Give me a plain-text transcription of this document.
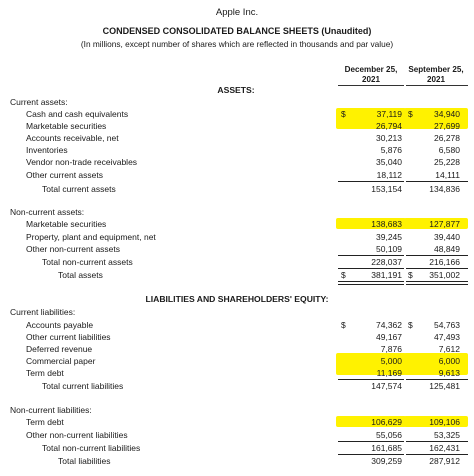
Apple Inc.
CONDENSED CONSOLIDATED BALANCE SHEETS (Unaudited)
(In millions, except number of shares which are reflected in thousands and par value)
December 25,
2021
September 25,
2021
ASSETS:
Current assets:
Cash and cash equivalents	$	37,119 $	34,940
Marketable securities	26,794	27,699
Accounts receivable, net	30,213	26,278
Inventories	5,876	6,580
Vendor non-trade receivables	35,040	25,228
Other current assets	18,112	14,111
Total current assets	153,154	134,836
Non-current assets:
Marketable securities	138,683	127,877
Property, plant and equipment, net	39,245	39,440
Other non-current assets	50,109	48,849
Total non-current assets	228,037	216,166
Total assets	$	381,191 $	351,002
LIABILITIES AND SHAREHOLDERS' EQUITY:
Current liabilities:
Accounts payable	$	74,362 $	54,763
Other current liabilities	49,167	47,493
Deferred revenue	7,876	7,612
Commercial paper	5,000	6,000
Term debt	11,169	9,613
Total current liabilities	147,574	125,481
Non-current liabilities:
Term debt	106,629	109,106
Other non-current liabilities	55,056	53,325
Total non-current liabilities	161,685	162,431
Total liabilities	309,259	287,912
